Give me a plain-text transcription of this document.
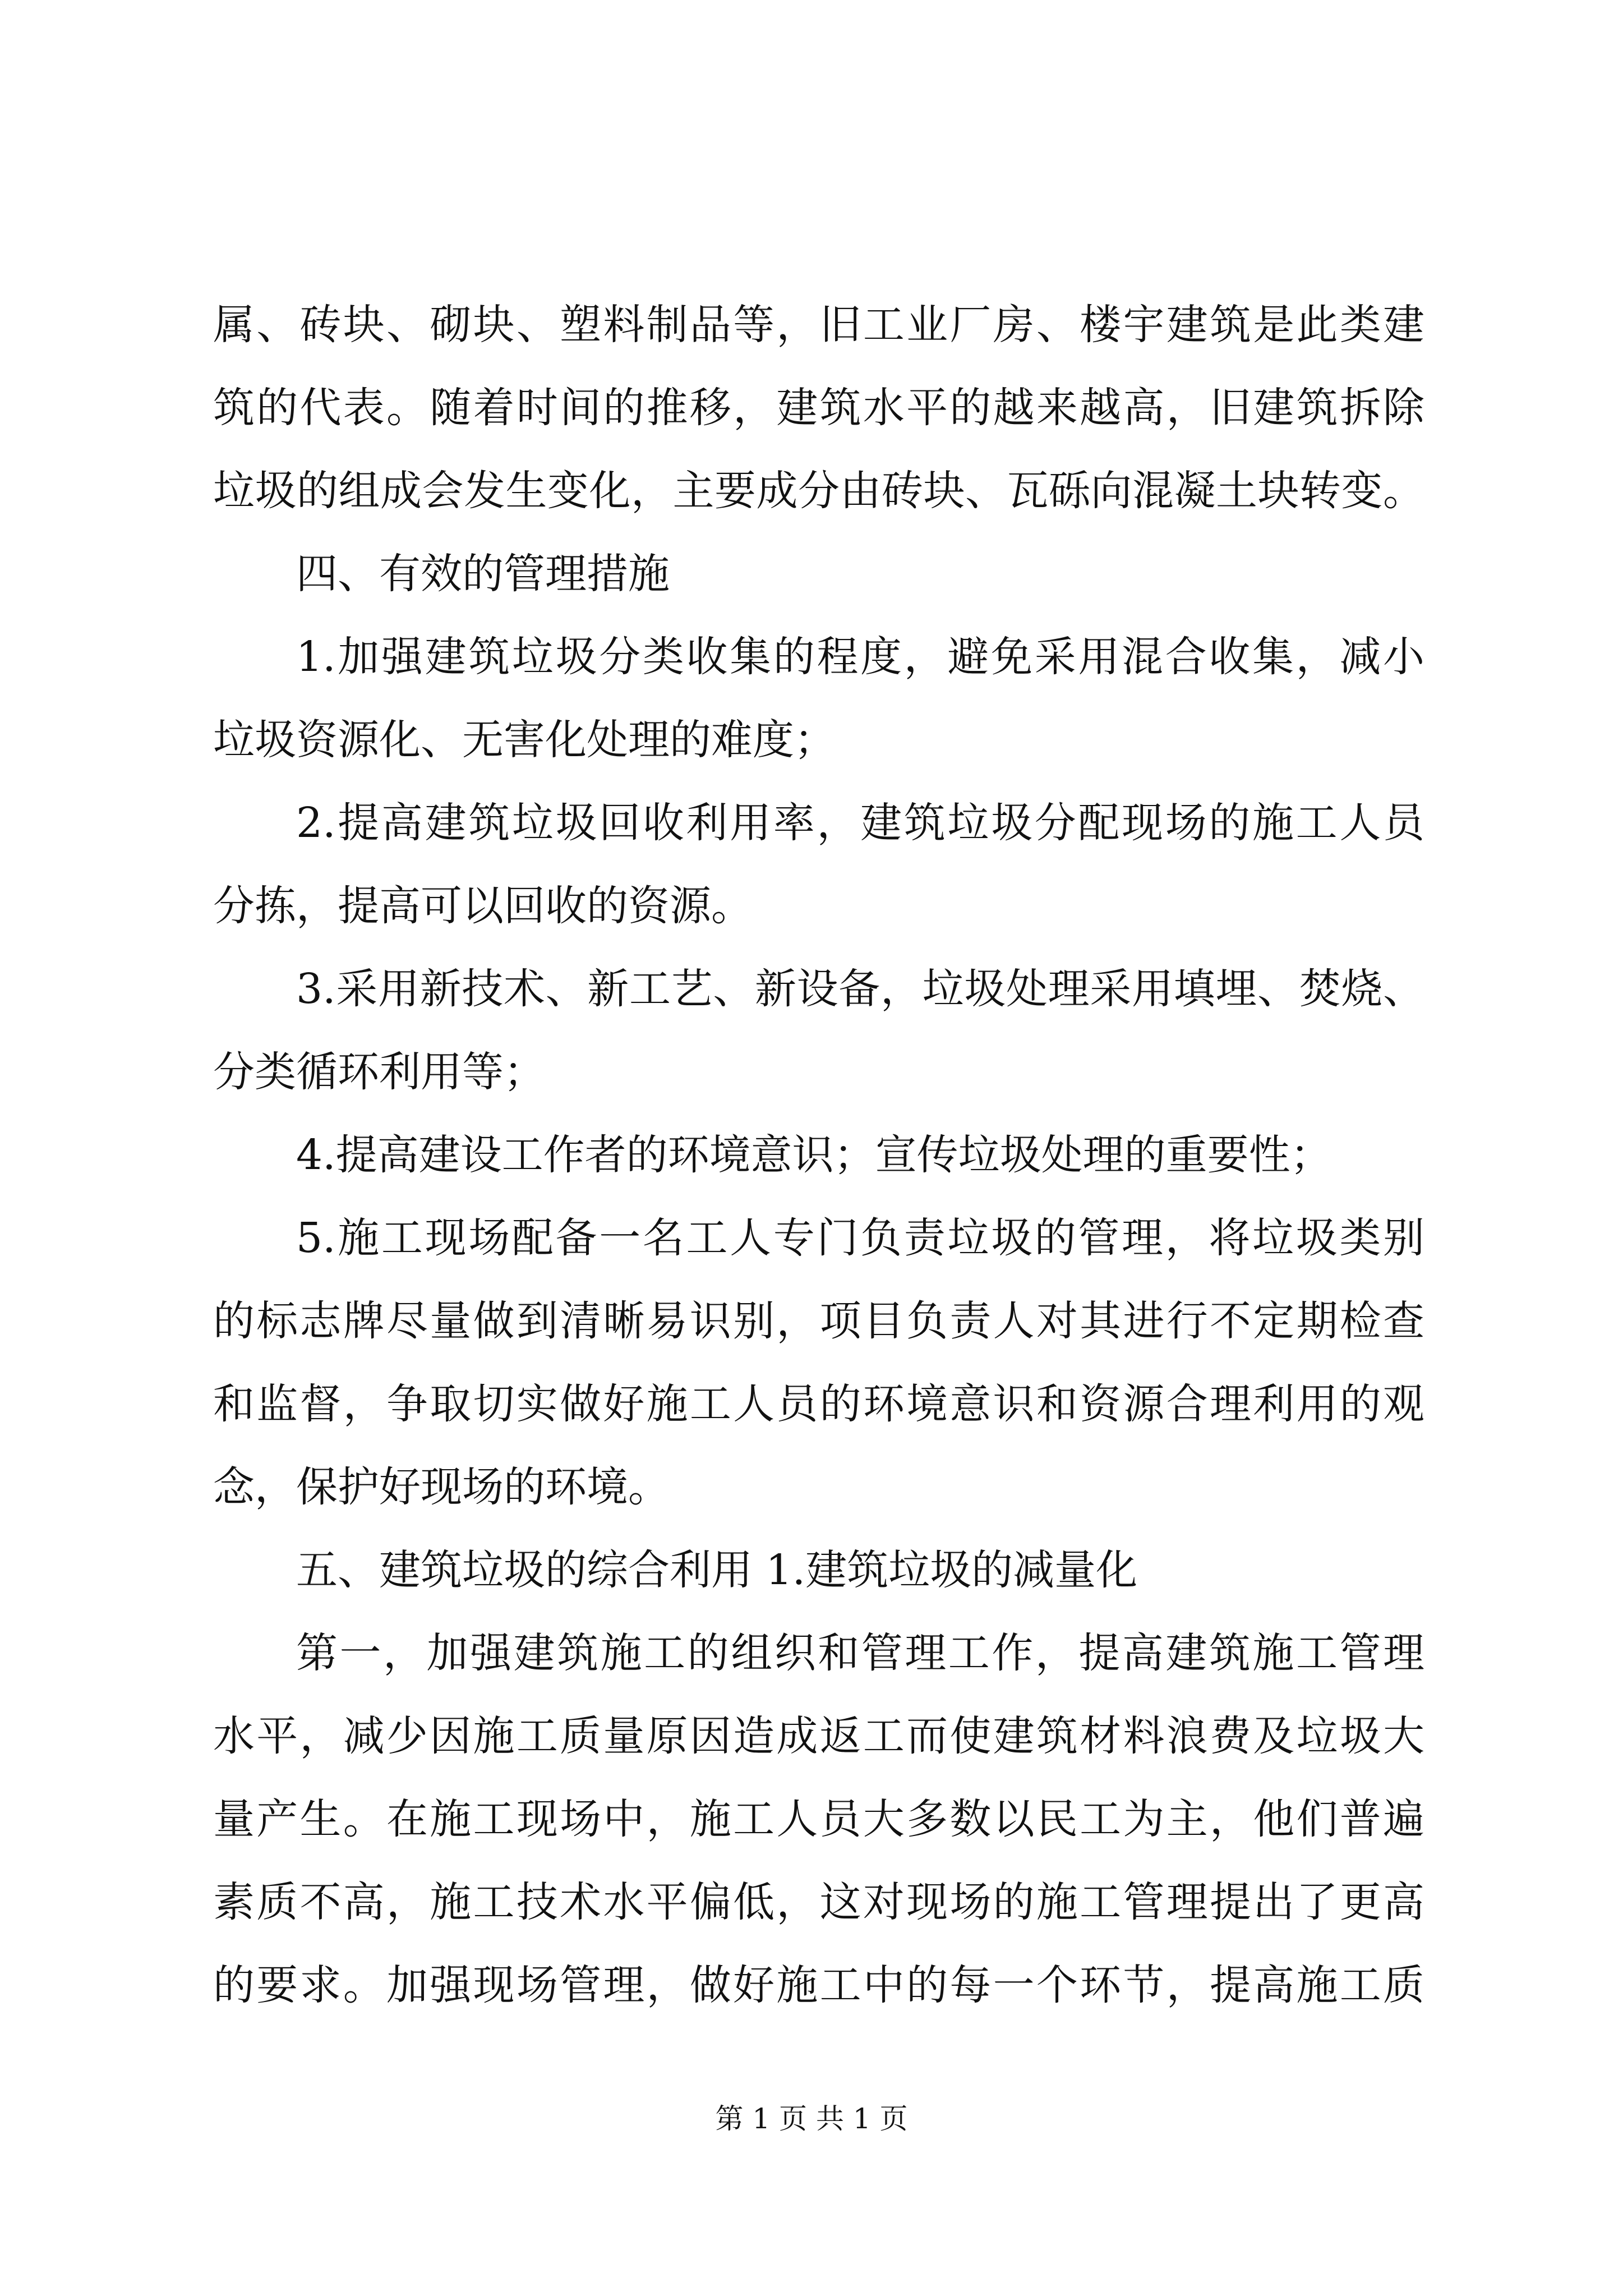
属、砖块、砌块、塑料制品等，旧工业厂房、楼宇建筑是此类建
筑的代表。随着时间的推移，建筑水平的越来越高，旧建筑拆除
垃圾的组成会发生变化，主要成分由砖块、瓦砾向混凝土块转变。
四、有效的管理措施
1.加强建筑垃圾分类收集的程度，避免采用混合收集，减小
垃圾资源化、无害化处理的难度；
2.提高建筑垃圾回收利用率，建筑垃圾分配现场的施工人员
分拣，提高可以回收的资源。
3.采用新技术、新工艺、新设备，垃圾处理采用填埋、焚烧、
分类循环利用等；
4.提高建设工作者的环境意识；宣传垃圾处理的重要性；
5.施工现场配备一名工人专门负责垃圾的管理，将垃圾类别
的标志牌尽量做到清晰易识别，项目负责人对其进行不定期检查
和监督，争取切实做好施工人员的环境意识和资源合理利用的观
念，保护好现场的环境。
五、建筑垃圾的综合利用 1.建筑垃圾的减量化
第一，加强建筑施工的组织和管理工作，提高建筑施工管理
水平，减少因施工质量原因造成返工而使建筑材料浪费及垃圾大
量产生。在施工现场中，施工人员大多数以民工为主，他们普遍
素质不高，施工技术水平偏低，这对现场的施工管理提出了更高
的要求。加强现场管理，做好施工中的每一个环节，提高施工质
第 1 页 共 1 页
